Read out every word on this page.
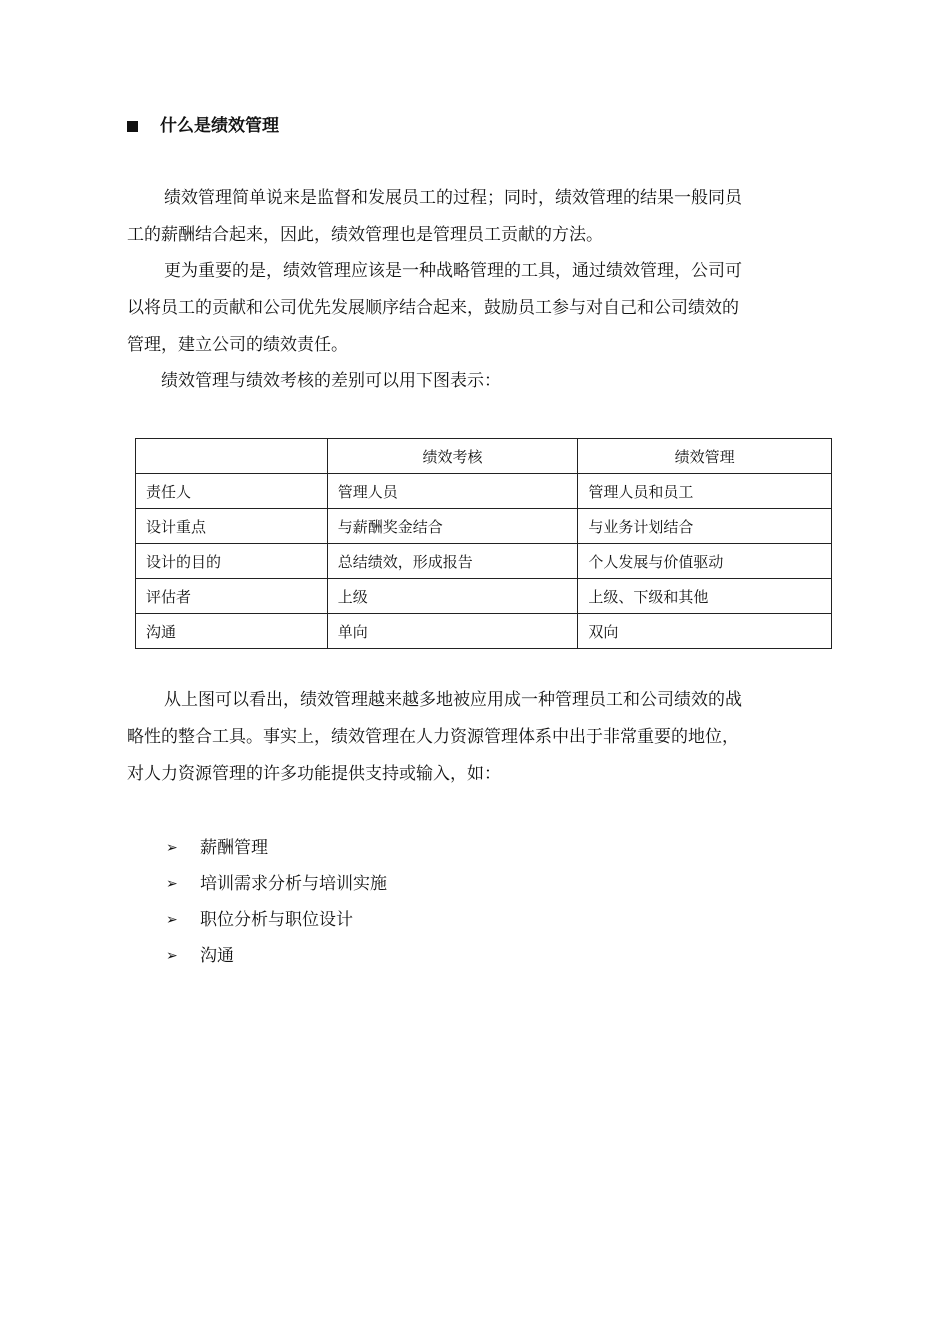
什么是绩效管理
绩效管理简单说来是监督和发展员工的过程；同时，绩效管理的结果一般同员
工的薪酬结合起来，因此，绩效管理也是管理员工贡献的方法。
更为重要的是，绩效管理应该是一种战略管理的工具，通过绩效管理，公司可
以将员工的贡献和公司优先发展顺序结合起来，鼓励员工参与对自己和公司绩效的
管理，建立公司的绩效责任。
绩效管理与绩效考核的差别可以用下图表示：
	绩效考核	绩效管理
责任人	管理人员	管理人员和员工
设计重点	与薪酬奖金结合	与业务计划结合
设计的目的	总结绩效，形成报告	个人发展与价值驱动
评估者	上级	上级、下级和其他
沟通	单向	双向
从上图可以看出，绩效管理越来越多地被应用成一种管理员工和公司绩效的战
略性的整合工具。事实上，绩效管理在人力资源管理体系中出于非常重要的地位，
对人力资源管理的许多功能提供支持或输入，如：
➢	薪酬管理
➢	培训需求分析与培训实施
➢	职位分析与职位设计
➢	沟通
